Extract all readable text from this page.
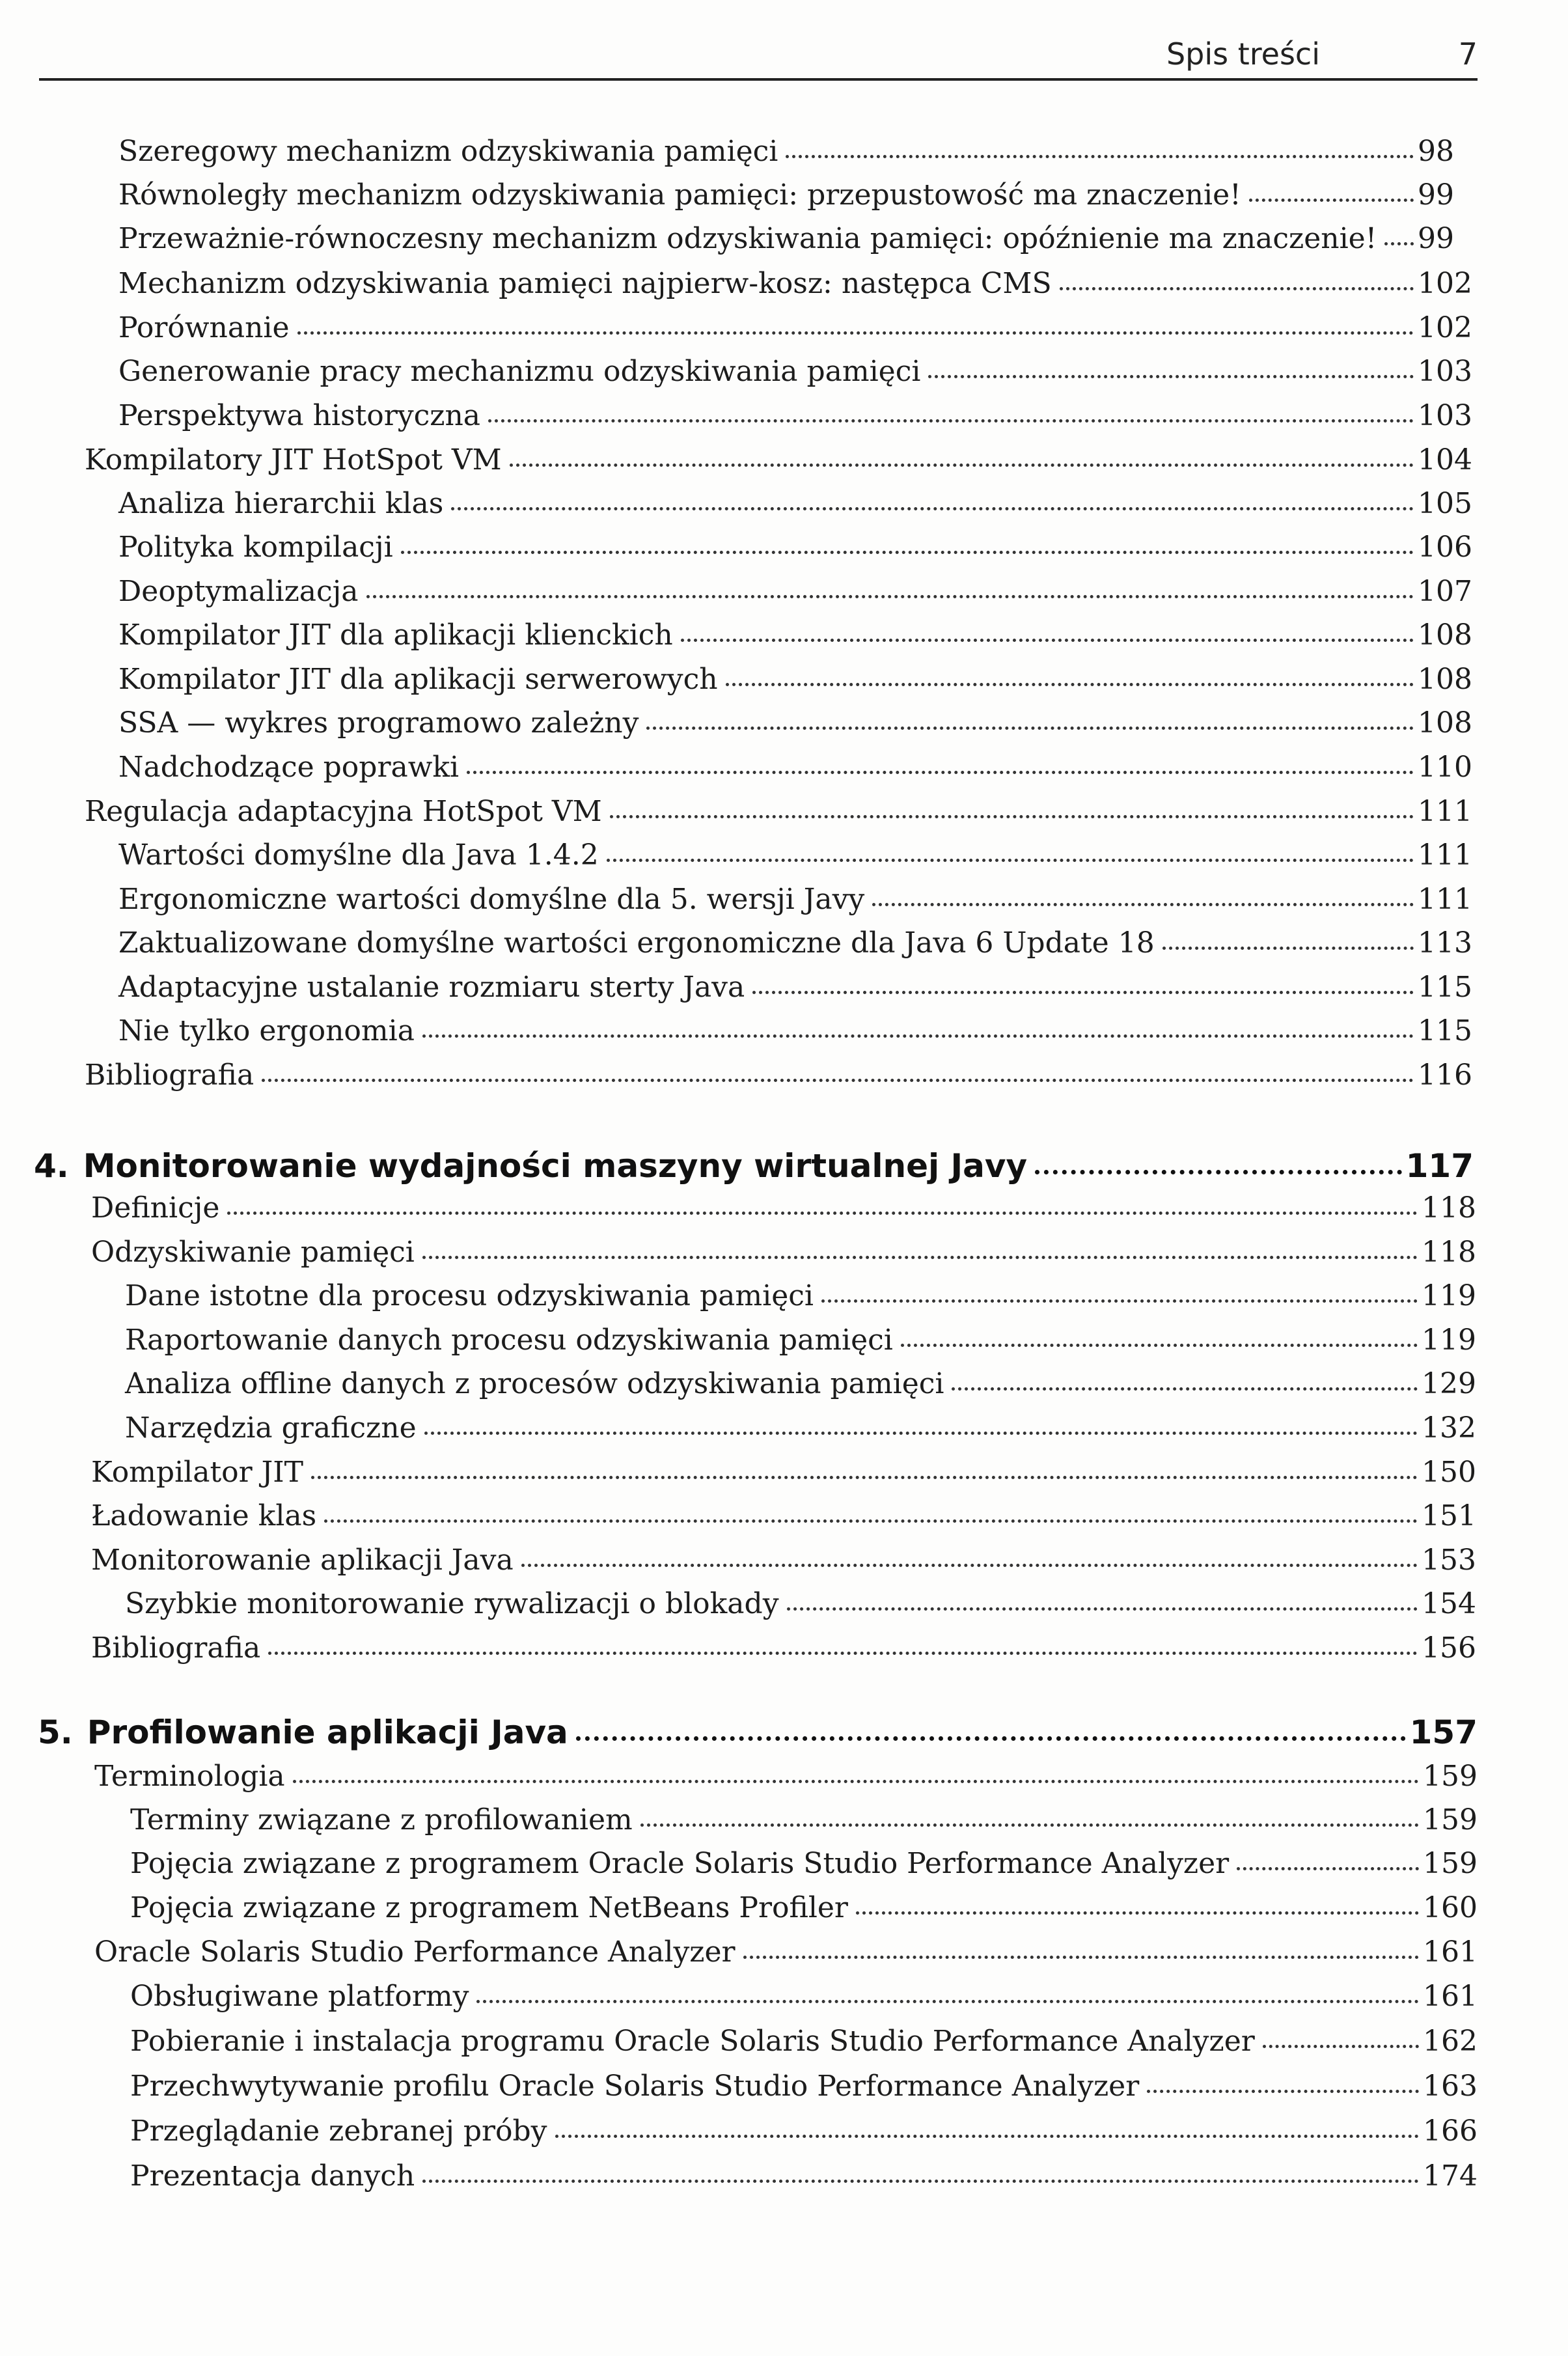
Spis treści	7
Szeregowy mechanizm odzyskiwania pamięci	98
Równoległy mechanizm odzyskiwania pamięci: przepustowość ma znaczenie!	99
Przeważnie-równoczesny mechanizm odzyskiwania pamięci: opóźnienie ma znaczenie! 99
Mechanizm odzyskiwania pamięci najpierw-kosz: następca CMS	102
Porównanie	102
Generowanie pracy mechanizmu odzyskiwania pamięci	103
Perspektywa historyczna	103
Kompilatory JIT HotSpot VM	104
Analiza hierarchii klas	105
Polityka kompilacji	106
Deoptymalizacja	107
Kompilator JIT dla aplikacji klienckich	108
Kompilator JIT dla aplikacji serwerowych	108
SSA — wykres programowo zależny	108
Nadchodzące poprawki	110
Regulacja adaptacyjna HotSpot VM	111
Wartości domyślne dla Java 1.4.2	111
Ergonomiczne wartości domyślne dla 5. wersji Javy	111
Zaktualizowane domyślne wartości ergonomiczne dla Java 6 Update 18	113
Adaptacyjne ustalanie rozmiaru sterty Java	115
Nie tylko ergonomia	115
Bibliografia	116
4. Monitorowanie wydajności maszyny wirtualnej Javy	117
Definicje	118
Odzyskiwanie pamięci	118
Dane istotne dla procesu odzyskiwania pamięci	119
Raportowanie danych procesu odzyskiwania pamięci	119
Analiza offline danych z procesów odzyskiwania pamięci	129
Narzędzia graficzne	132
Kompilator JIT	150
Ładowanie klas	151
Monitorowanie aplikacji Java	153
Szybkie monitorowanie rywalizacji o blokady	154
Bibliografia	156
5. Profilowanie aplikacji Java	157
Terminologia	159
Terminy związane z profilowaniem	159
Pojęcia związane z programem Oracle Solaris Studio Performance Analyzer	159
Pojęcia związane z programem NetBeans Profiler	160
Oracle Solaris Studio Performance Analyzer	161
Obsługiwane platformy	161
Pobieranie i instalacja programu Oracle Solaris Studio Performance Analyzer	162
Przechwytywanie profilu Oracle Solaris Studio Performance Analyzer	163
Przeglądanie zebranej próby	166
Prezentacja danych	174
